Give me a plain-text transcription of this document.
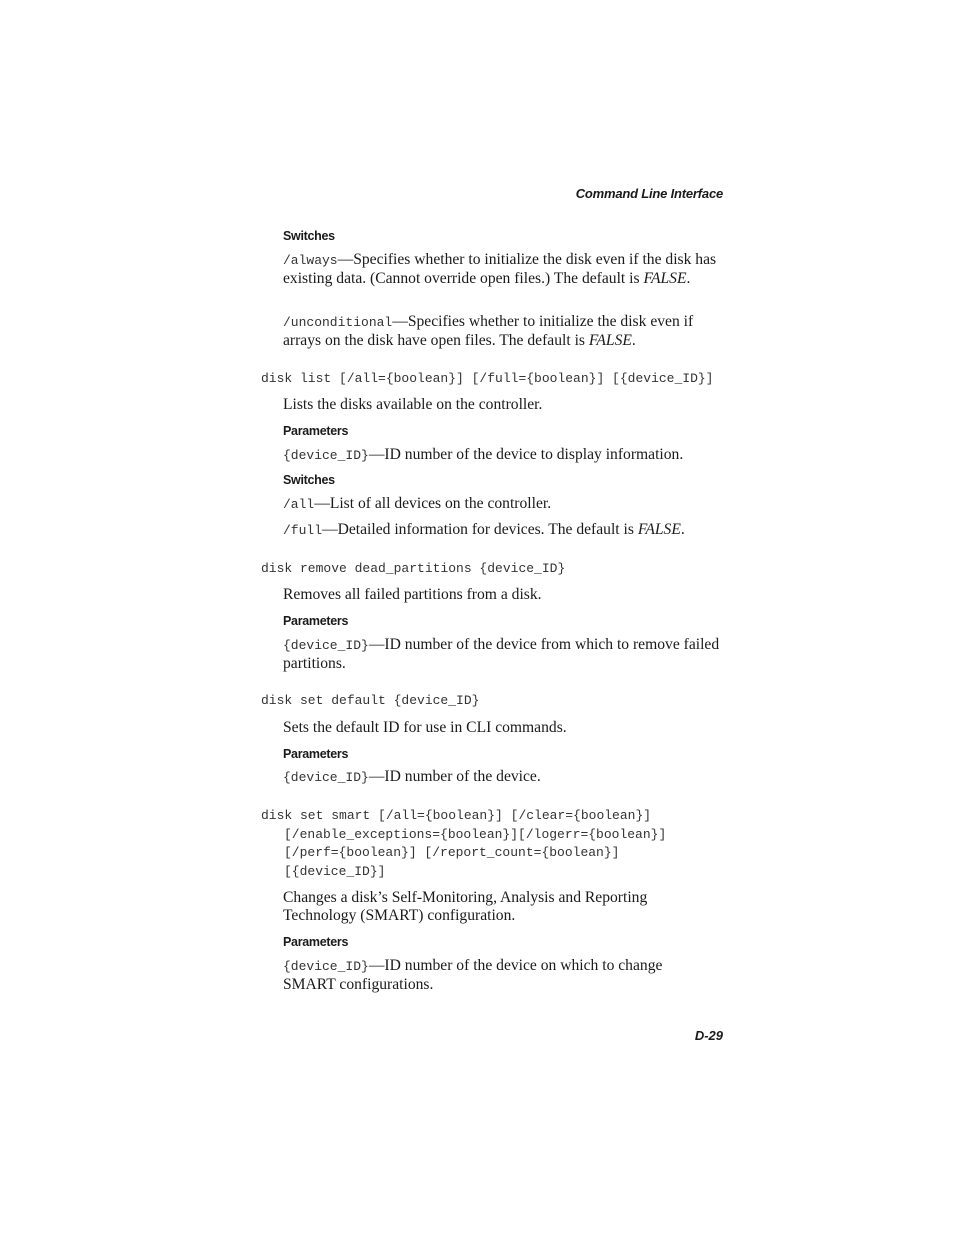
Command Line Interface
Switches
/always—Specifies whether to initialize the disk even if the disk has existing data. (Cannot override open files.) The default is FALSE.
/unconditional—Specifies whether to initialize the disk even if arrays on the disk have open files. The default is FALSE.
disk list [/all={boolean}] [/full={boolean}] [{device_ID}]
Lists the disks available on the controller.
Parameters
{device_ID}—ID number of the device to display information.
Switches
/all—List of all devices on the controller.
/full—Detailed information for devices. The default is FALSE.
disk remove dead_partitions {device_ID}
Removes all failed partitions from a disk.
Parameters
{device_ID}—ID number of the device from which to remove failed partitions.
disk set default {device_ID}
Sets the default ID for use in CLI commands.
Parameters
{device_ID}—ID number of the device.
disk set smart [/all={boolean}] [/clear={boolean}]
[/enable_exceptions={boolean}][/logerr={boolean}]
[/perf={boolean}] [/report_count={boolean}]
[{device_ID}]
Changes a disk’s Self-Monitoring, Analysis and Reporting Technology (SMART) configuration.
Parameters
{device_ID}—ID number of the device on which to change SMART configurations.
D-29
